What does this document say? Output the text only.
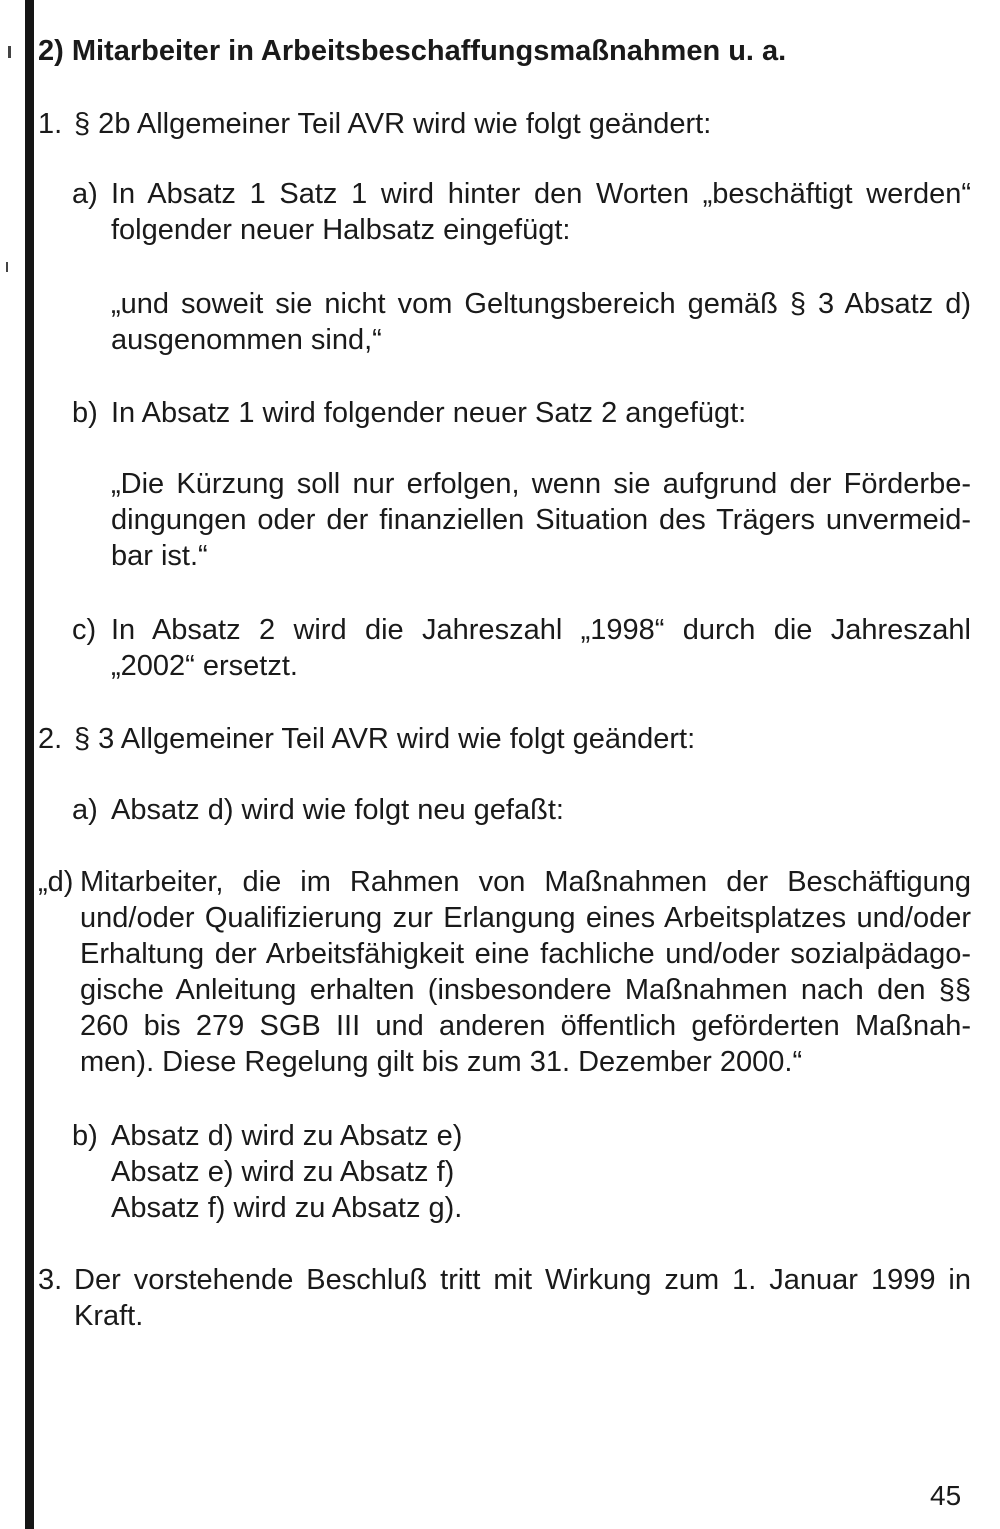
2) Mitarbeiter in Arbeitsbeschaffungsmaßnahmen u. a.
1. § 2b Allgemeiner Teil AVR wird wie folgt geändert:
a) In Absatz 1 Satz 1 wird hinter den Worten „beschäftigt werden“
folgender neuer Halbsatz eingefügt:
„und soweit sie nicht vom Geltungsbereich gemäß § 3 Absatz d)
ausgenommen sind,“
b) In Absatz 1 wird folgender neuer Satz 2 angefügt:
„Die Kürzung soll nur erfolgen, wenn sie aufgrund der Förderbe-
dingungen oder der finanziellen Situation des Trägers unvermeid-
bar ist.“
c) In Absatz 2 wird die Jahreszahl „1998“ durch die Jahreszahl
„2002“ ersetzt.
2. § 3 Allgemeiner Teil AVR wird wie folgt geändert:
a) Absatz d) wird wie folgt neu gefaßt:
„d) Mitarbeiter, die im Rahmen von Maßnahmen der Beschäftigung
und/oder Qualifizierung zur Erlangung eines Arbeitsplatzes und/oder
Erhaltung der Arbeitsfähigkeit eine fachliche und/oder sozialpädago-
gische Anleitung erhalten (insbesondere Maßnahmen nach den §§
260 bis 279 SGB III und anderen öffentlich geförderten Maßnah-
men). Diese Regelung gilt bis zum 31. Dezember 2000.“
b) Absatz d) wird zu Absatz e)
Absatz e) wird zu Absatz f)
Absatz f) wird zu Absatz g).
3. Der vorstehende Beschluß tritt mit Wirkung zum 1. Januar 1999 in
Kraft.
45
